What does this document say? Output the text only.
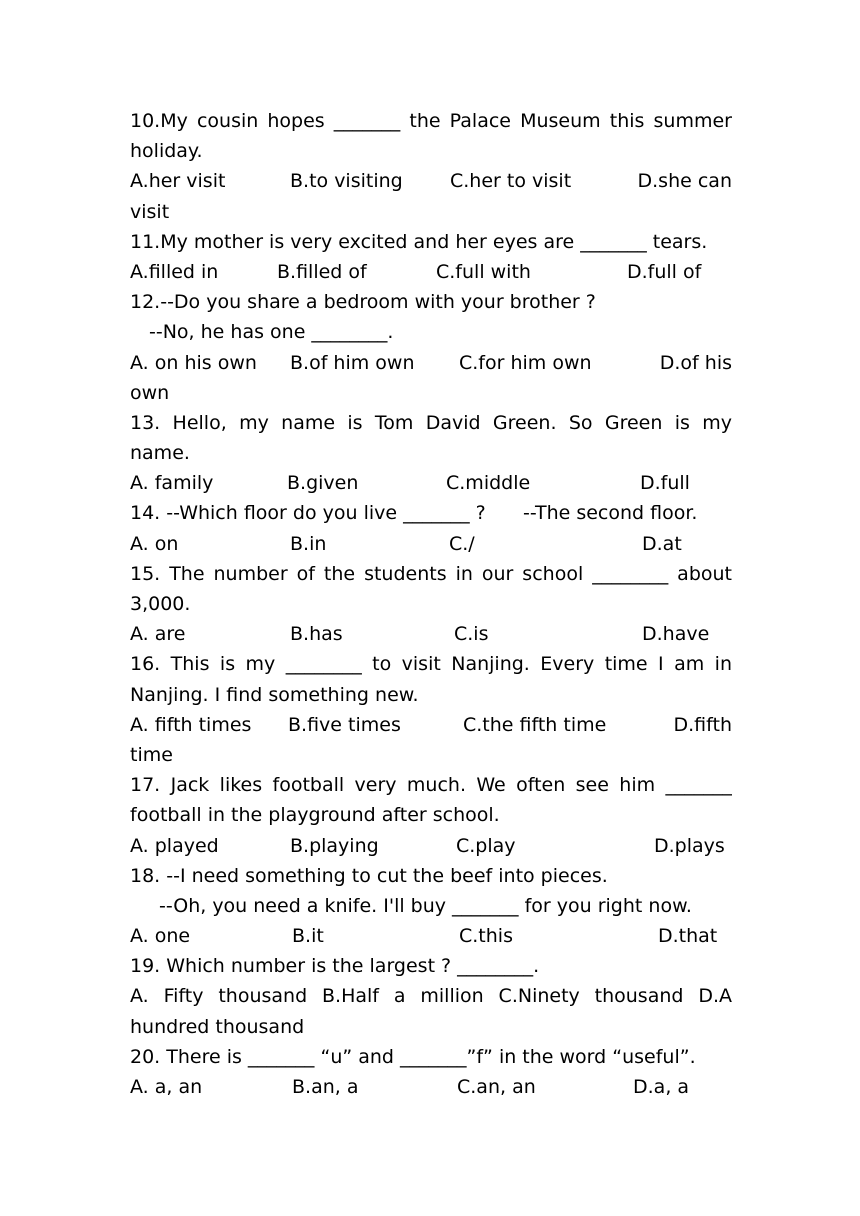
10.My cousin hopes _______ the Palace Museum this summer
holiday.
A.her visit	B.to visiting C.her to visit	D.she can
visit
11.My mother is very excited and her eyes are _______ tears.
A.filled in	B.filled of	C.full with	D.full of
12.--Do you share a bedroom with your brother ?
--No, he has one ________.
A. on his own B.of him own C.for him own	D.of his
own
13. Hello, my name is Tom David Green. So Green is my
name.
A. family	B.given	C.middle	D.full
14. --Which floor do you live _______ ? --The second floor.
A. on	B.in	C./	D.at
15. The number of the students in our school ________ about
3,000.
A. are	B.has	C.is	D.have
16. This is my ________ to visit Nanjing. Every time I am in
Nanjing. I find something new.
A. fifth times B.five times	C.the fifth time	D.fifth
time
17. Jack likes football very much. We often see him _______
football in the playground after school.
A. played	B.playing	C.play	D.plays
18. --I need something to cut the beef into pieces.
--Oh, you need a knife. I'll buy _______ for you right now.
A. one	B.it	C.this	D.that
19. Which number is the largest ? ________.
A. Fifty thousand B.Half a million C.Ninety thousand D.A
hundred thousand
20. There is _______ “u” and _______”f” in the word “useful”.
A. a, an	B.an, a	C.an, an	D.a, a
